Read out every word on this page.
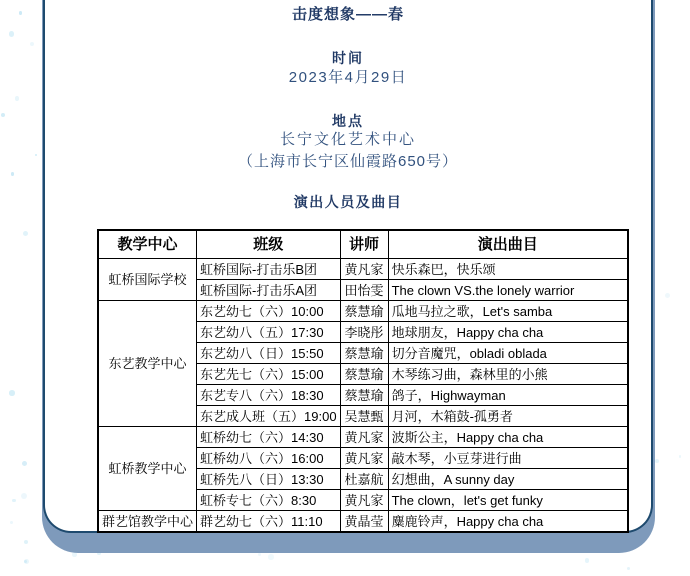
击度想象——春
时间
2023年4月29日
地点
长宁文化艺术中心
（上海市长宁区仙霞路650号）
演出人员及曲目
教学中心	班级	讲师	演出曲目
虹桥国际学校	虹桥国际-打击乐B团	黄凡家	快乐森巴，快乐颂
	虹桥国际-打击乐A团	田怡雯	The clown VS.the lonely warrior
东艺教学中心	东艺幼七（六）10:00	蔡慧瑜	瓜地马拉之歌，Let's samba
	东艺幼八（五）17:30	李晓彤	地球朋友，Happy cha cha
	东艺幼八（日）15:50	蔡慧瑜	切分音魔咒，obladi oblada
	东艺先七（六）15:00	蔡慧瑜	木琴练习曲，森林里的小熊
	东艺专八（六）18:30	蔡慧瑜	鸽子，Highwayman
	东艺成人班（五）19:00	吴慧甄	月河，木箱鼓-孤勇者
虹桥教学中心	虹桥幼七（六）14:30	黄凡家	波斯公主，Happy cha cha
	虹桥幼八（六）16:00	黄凡家	敲木琴，小豆芽进行曲
	虹桥先八（日）13:30	杜嘉航	幻想曲，A sunny day
	虹桥专七（六）8:30	黄凡家	The clown，let's get funky
群艺馆教学中心	群艺幼七（六）11:10	黄晶莹	麋鹿铃声，Happy cha cha
